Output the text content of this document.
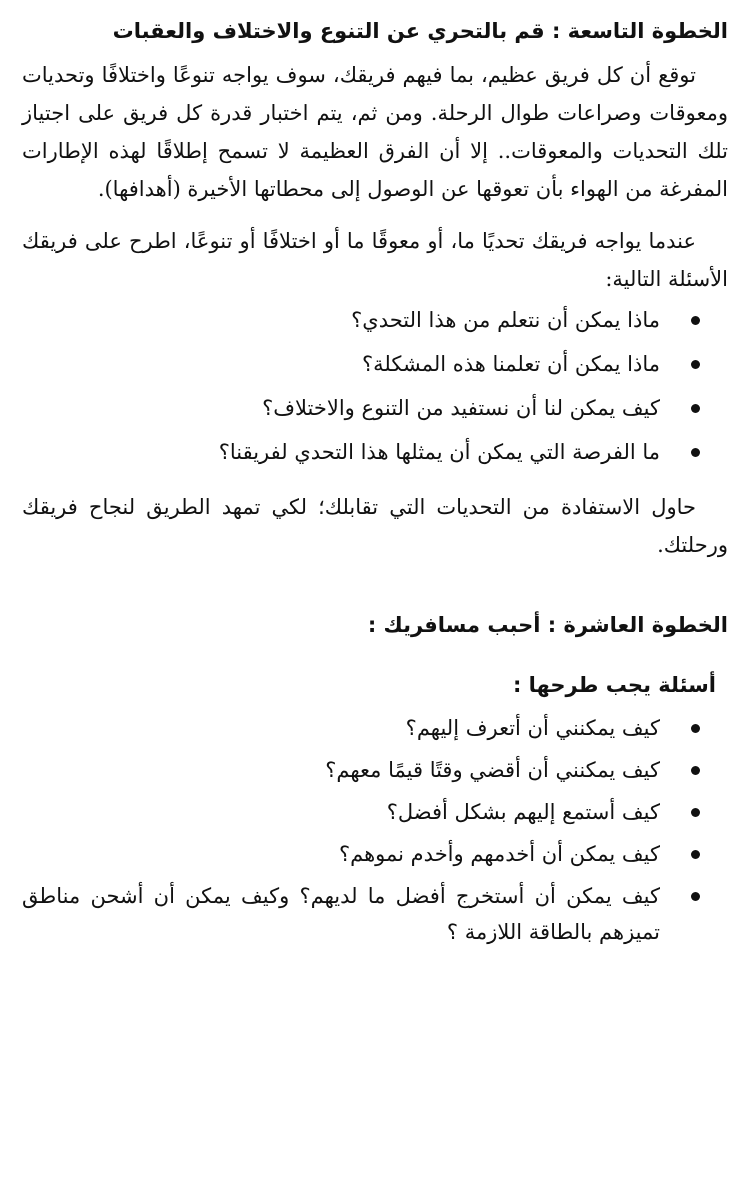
الخطوة التاسعة : قم بالتحري عن التنوع والاختلاف والعقبات

توقع أن كل فريق عظيم، بما فيهم فريقك، سوف يواجه تنوعًا واختلافًا وتحديات ومعوقات وصراعات طوال الرحلة. ومن ثم، يتم اختبار قدرة كل فريق على اجتياز تلك التحديات والمعوقات.. إلا أن الفرق العظيمة لا تسمح إطلاقًا لهذه الإطارات المفرغة من الهواء بأن تعوقها عن الوصول إلى محطاتها الأخيرة (أهدافها).

عندما يواجه فريقك تحديًا ما، أو معوقًا ما أو اختلافًا أو تنوعًا، اطرح على فريقك الأسئلة التالية:

ماذا يمكن أن نتعلم من هذا التحدي؟
ماذا يمكن أن تعلمنا هذه المشكلة؟
كيف يمكن لنا أن نستفيد من التنوع والاختلاف؟
ما الفرصة التي يمكن أن يمثلها هذا التحدي لفريقنا؟

حاول الاستفادة من التحديات التي تقابلك؛ لكي تمهد الطريق لنجاح فريقك ورحلتك.

الخطوة العاشرة : أحبب مسافريك :
أسئلة يجب طرحها :
كيف يمكنني أن أتعرف إليهم؟
كيف يمكنني أن أقضي وقتًا قيمًا معهم؟
كيف أستمع إليهم بشكل أفضل؟
كيف يمكن أن أخدمهم وأخدم نموهم؟
كيف يمكن أن أستخرج أفضل ما لديهم؟ وكيف يمكن أن أشحن مناطق تميزهم بالطاقة اللازمة ؟
